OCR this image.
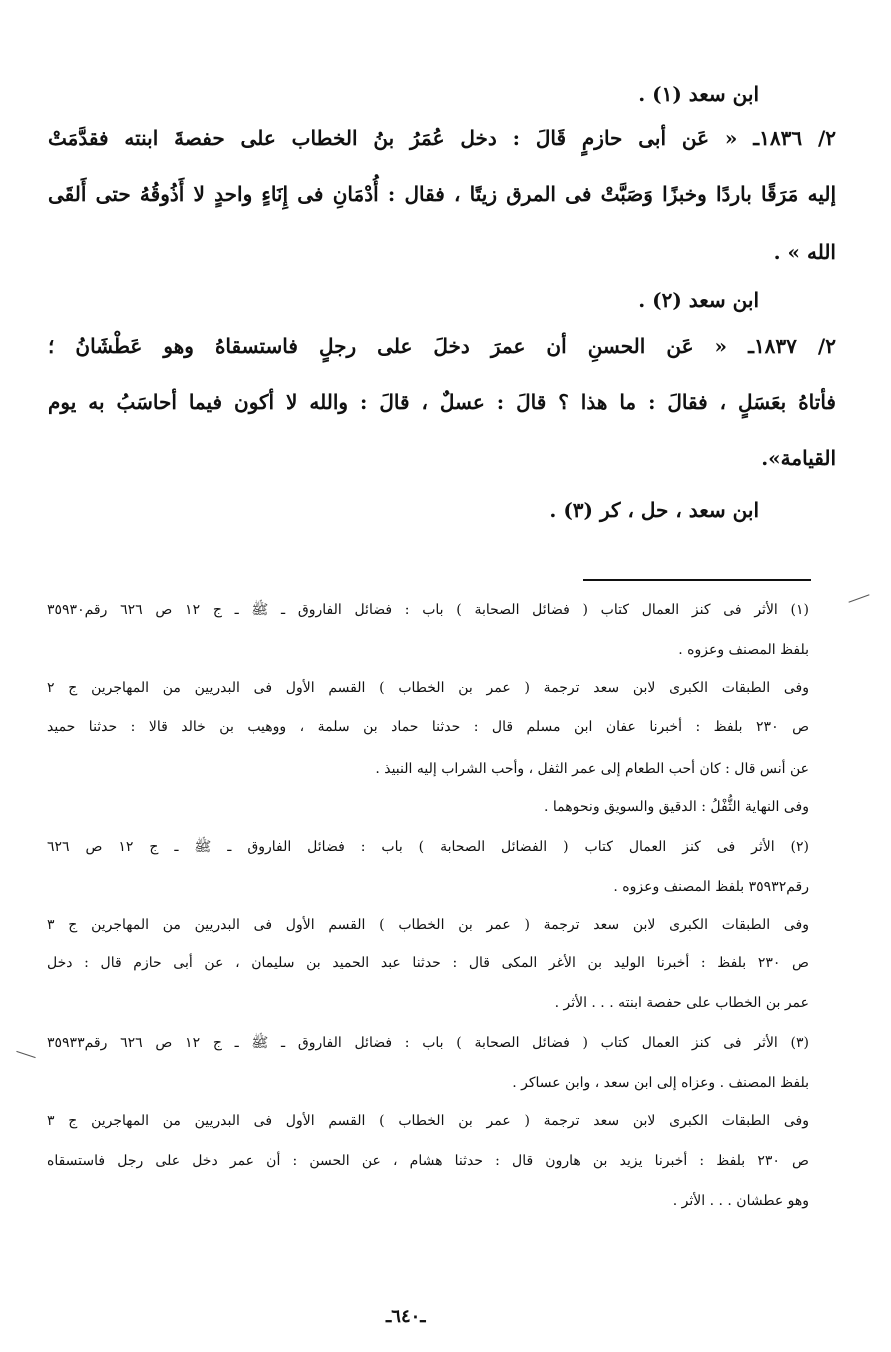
ابن سعد (١) .
٢/ ١٨٣٦ـ « عَن أبى حازمٍ قَالَ : دخل عُمَرُ بنُ الخطاب على حفصةَ ابنته فقدَّمَتْ
إليه مَرَقًا باردًا وخبزًا وَصَبَّتْ فى المرق زيتًا ، فقال : أُدْمَانِ فى إِنَاءٍ واحدٍ لا أَذُوقُهُ حتى أَلقَى
الله » .
ابن سعد (٢) .
٢/ ١٨٣٧ـ « عَن الحسنِ أن عمرَ دخلَ على رجلٍ فاستسقاهُ وهو عَطْشَانُ ؛
فأتاهُ بعَسَلٍ ، فقالَ : ما هذا ؟ قالَ : عسلٌ ، قالَ : والله لا أكون فيما أحاسَبُ به يوم
القيامة».
ابن سعد ، حل ، كر (٣) .
(١) الأثر فى كنز العمال كتاب ( فضائل الصحابة ) باب : فضائل الفاروق ـ ﷺ ـ ج ١٢ ص ٦٢٦ رقم٣٥٩٣٠
بلفظ المصنف وعزوه .
وفى الطبقات الكبرى لابن سعد ترجمة ( عمر بن الخطاب ) القسم الأول فى البدريين من المهاجرين ج ٢
ص ٢٣٠ بلفظ : أخبرنا عفان ابن مسلم قال : حدثنا حماد بن سلمة ، ووهيب بن خالد قالا : حدثنا حميد
عن أنس قال : كان أحب الطعام إلى عمر الثفل ، وأحب الشراب إليه النبيذ .
وفى النهاية الثُّفْلُ : الدقيق والسويق ونحوهما .
(٢) الأثر فى كنز العمال كتاب ( الفضائل الصحابة ) باب : فضائل الفاروق ـ ﷺ ـ ج ١٢ ص ٦٢٦
رقم٣٥٩٣٢ بلفظ المصنف وعزوه .
وفى الطبقات الكبرى لابن سعد ترجمة ( عمر بن الخطاب ) القسم الأول فى البدريين من المهاجرين ج ٣
ص ٢٣٠ بلفظ : أخبرنا الوليد بن الأغر المكى قال : حدثنا عبد الحميد بن سليمان ، عن أبى حازم قال : دخل
عمر بن الخطاب على حفصة ابنته . . . الأثر .
(٣) الأثر فى كنز العمال كتاب ( فضائل الصحابة ) باب : فضائل الفاروق ـ ﷺ ـ ج ١٢ ص ٦٢٦ رقم٣٥٩٣٣
بلفظ المصنف . وعزاه إلى ابن سعد ، وابن عساكر .
وفى الطبقات الكبرى لابن سعد ترجمة ( عمر بن الخطاب ) القسم الأول فى البدريين من المهاجرين ج ٣
ص ٢٣٠ بلفظ : أخبرنا يزيد بن هارون قال : حدثنا هشام ، عن الحسن : أن عمر دخل على رجل فاستسقاه
وهو عطشان . . . الأثر .
ـ٦٤٠ـ
